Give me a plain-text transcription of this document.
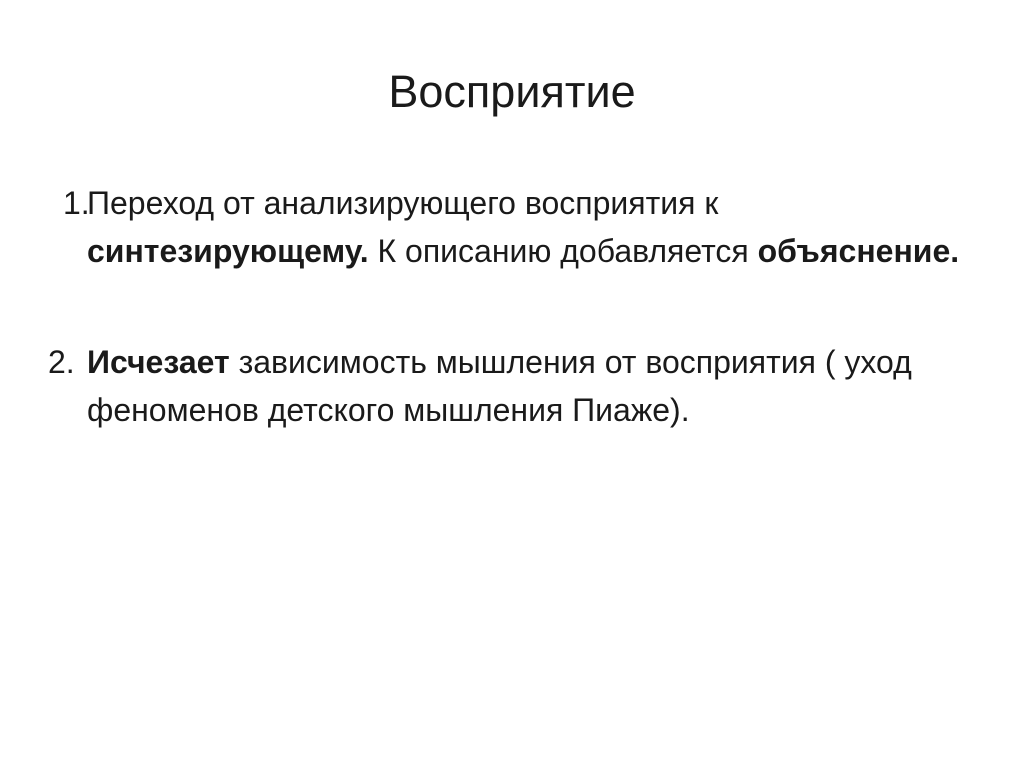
Восприятие
1.
Переход от анализирующего восприятия к синтезирующему. К описанию добавляется объяснение.
2. Исчезает зависимость мышления от восприятия ( уход феноменов детского мышления Пиаже).
